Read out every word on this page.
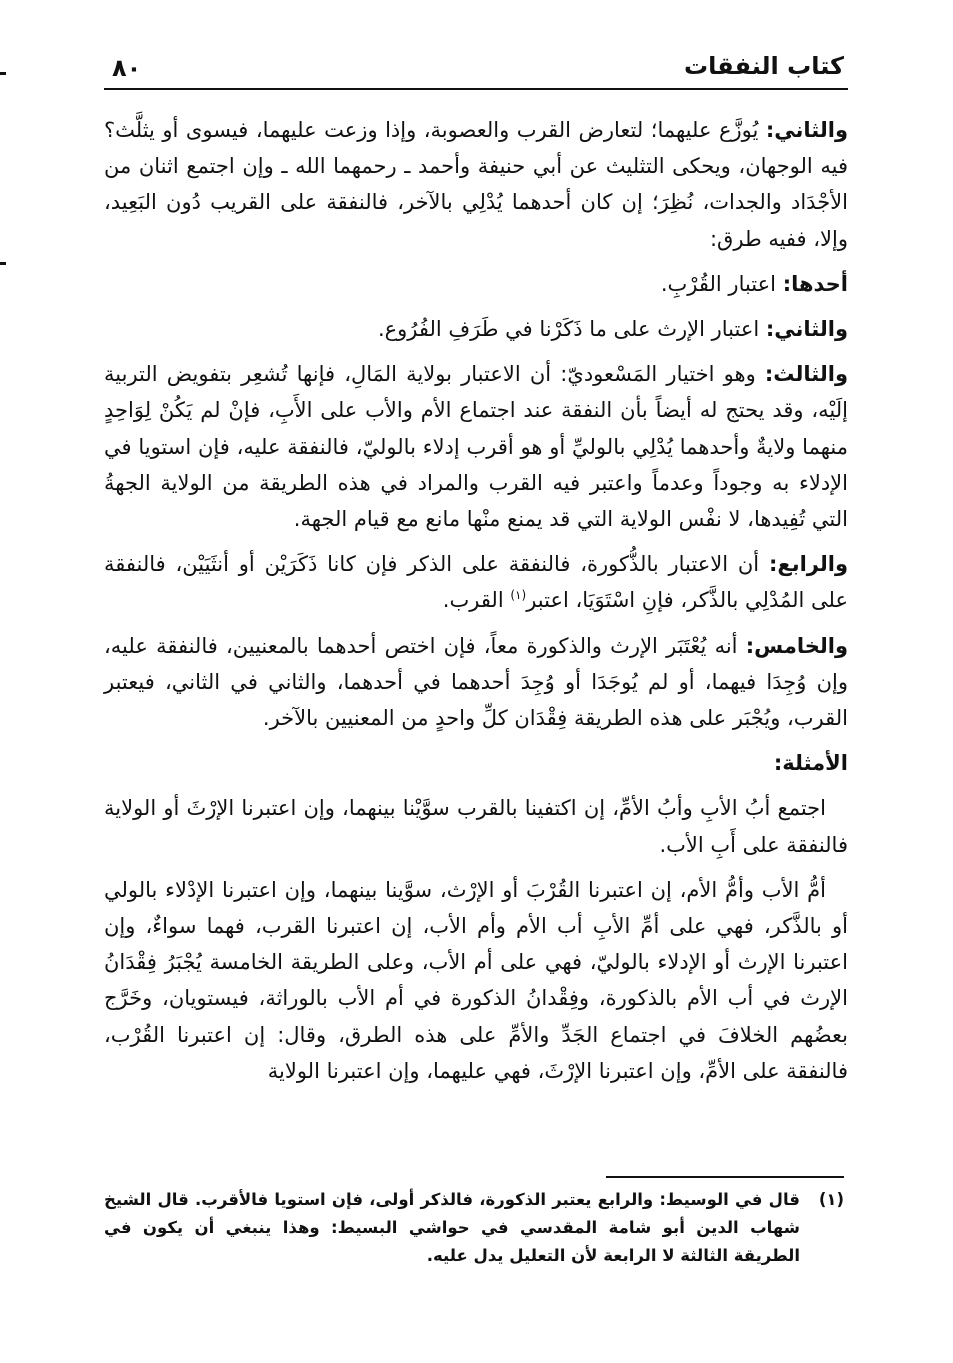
كتاب النفقات
٨٠

والثاني: يُوزَّع عليهما؛ لتعارض القرب والعصوبة، وإذا وزعت عليهما، فيسوى أو يثلَّث؟ فيه الوجهان، ويحكى التثليث عن أبي حنيفة وأحمد ـ رحمهما الله ـ وإن اجتمع اثنان من الأجْدَاد والجدات، نُظِرَ؛ إن كان أحدهما يُدْلِي بالآخر، فالنفقة على القريب دُون البَعِيد، وإلا، ففيه طرق:

أحدها: اعتبار القُرْبِ.

والثاني: اعتبار الإرث على ما ذَكَرْنا في طَرَفِ الفُرُوع.

والثالث: وهو اختيار المَسْعوديّ: أن الاعتبار بولاية المَالِ، فإنها تُشعِر بتفويض التربية إلَيْه، وقد يحتج له أيضاً بأن النفقة عند اجتماع الأم والأب على الأَبِ، فإنْ لم يَكُنْ لِوَاحِدٍ منهما ولايةٌ وأحدهما يُدْلِي بالوليِّ أو هو أقرب إدلاء بالوليّ، فالنفقة عليه، فإن استويا في الإدلاء به وجوداً وعدماً واعتبر فيه القرب والمراد في هذه الطريقة من الولاية الجهةُ التي تُفِيدها، لا نفْس الولاية التي قد يمنع منْها مانع مع قيام الجهة.

والرابع: أن الاعتبار بالذُّكورة، فالنفقة على الذكر فإن كانا ذَكَرَيْن أو أنثَيَيْن، فالنفقة على المُدْلِي بالذَّكر، فإنِ اسْتَوَيَا، اعتبر$^{(١)}$ القرب.

والخامس: أنه يُعْتَبَر الإرث والذكورة معاً، فإن اختص أحدهما بالمعنيين، فالنفقة عليه، وإن وُجِدَا فيهما، أو لم يُوجَدَا أو وُجِدَ أحدهما في أحدهما، والثاني في الثاني، فيعتبر القرب، ويُجْبَر على هذه الطريقة فِقْدَان كلِّ واحدٍ من المعنيين بالآخر.

الأمثلة:

اجتمع أبُ الأبِ وأبُ الأمِّ، إن اكتفينا بالقرب سوَّيْنا بينهما، وإن اعتبرنا الإرْثَ أو الولاية فالنفقة على أَبِ الأب.

أمُّ الأب وأمُّ الأم، إن اعتبرنا القُرْبَ أو الإرْث، سوَّينا بينهما، وإن اعتبرنا الإدْلاء بالولي أو بالذَّكر، فهي على أمِّ الأبِ أب الأم وأم الأب، إن اعتبرنا القرب، فهما سواءٌ، وإن اعتبرنا الإرث أو الإدلاء بالوليّ، فهي على أم الأب، وعلى الطريقة الخامسة يُجْبَرُ فِقْدَانُ الإرث في أب الأم بالذكورة، وفِقْدانُ الذكورة في أم الأب بالوراثة، فيستويان، وخَرَّج بعضُهم الخلافَ في اجتماع الجَدِّ والأمِّ على هذه الطرق، وقال: إن اعتبرنا القُرْب، فالنفقة على الأمِّ، وإن اعتبرنا الإرْثَ، فهي عليهما، وإن اعتبرنا الولاية

(١)
قال في الوسيط: والرابع يعتبر الذكورة، فالذكر أولى، فإن استويا فالأقرب. قال الشيخ شهاب الدين أبو شامة المقدسي في حواشي البسيط: وهذا ينبغي أن يكون في الطريقة الثالثة لا الرابعة لأن التعليل يدل عليه.
